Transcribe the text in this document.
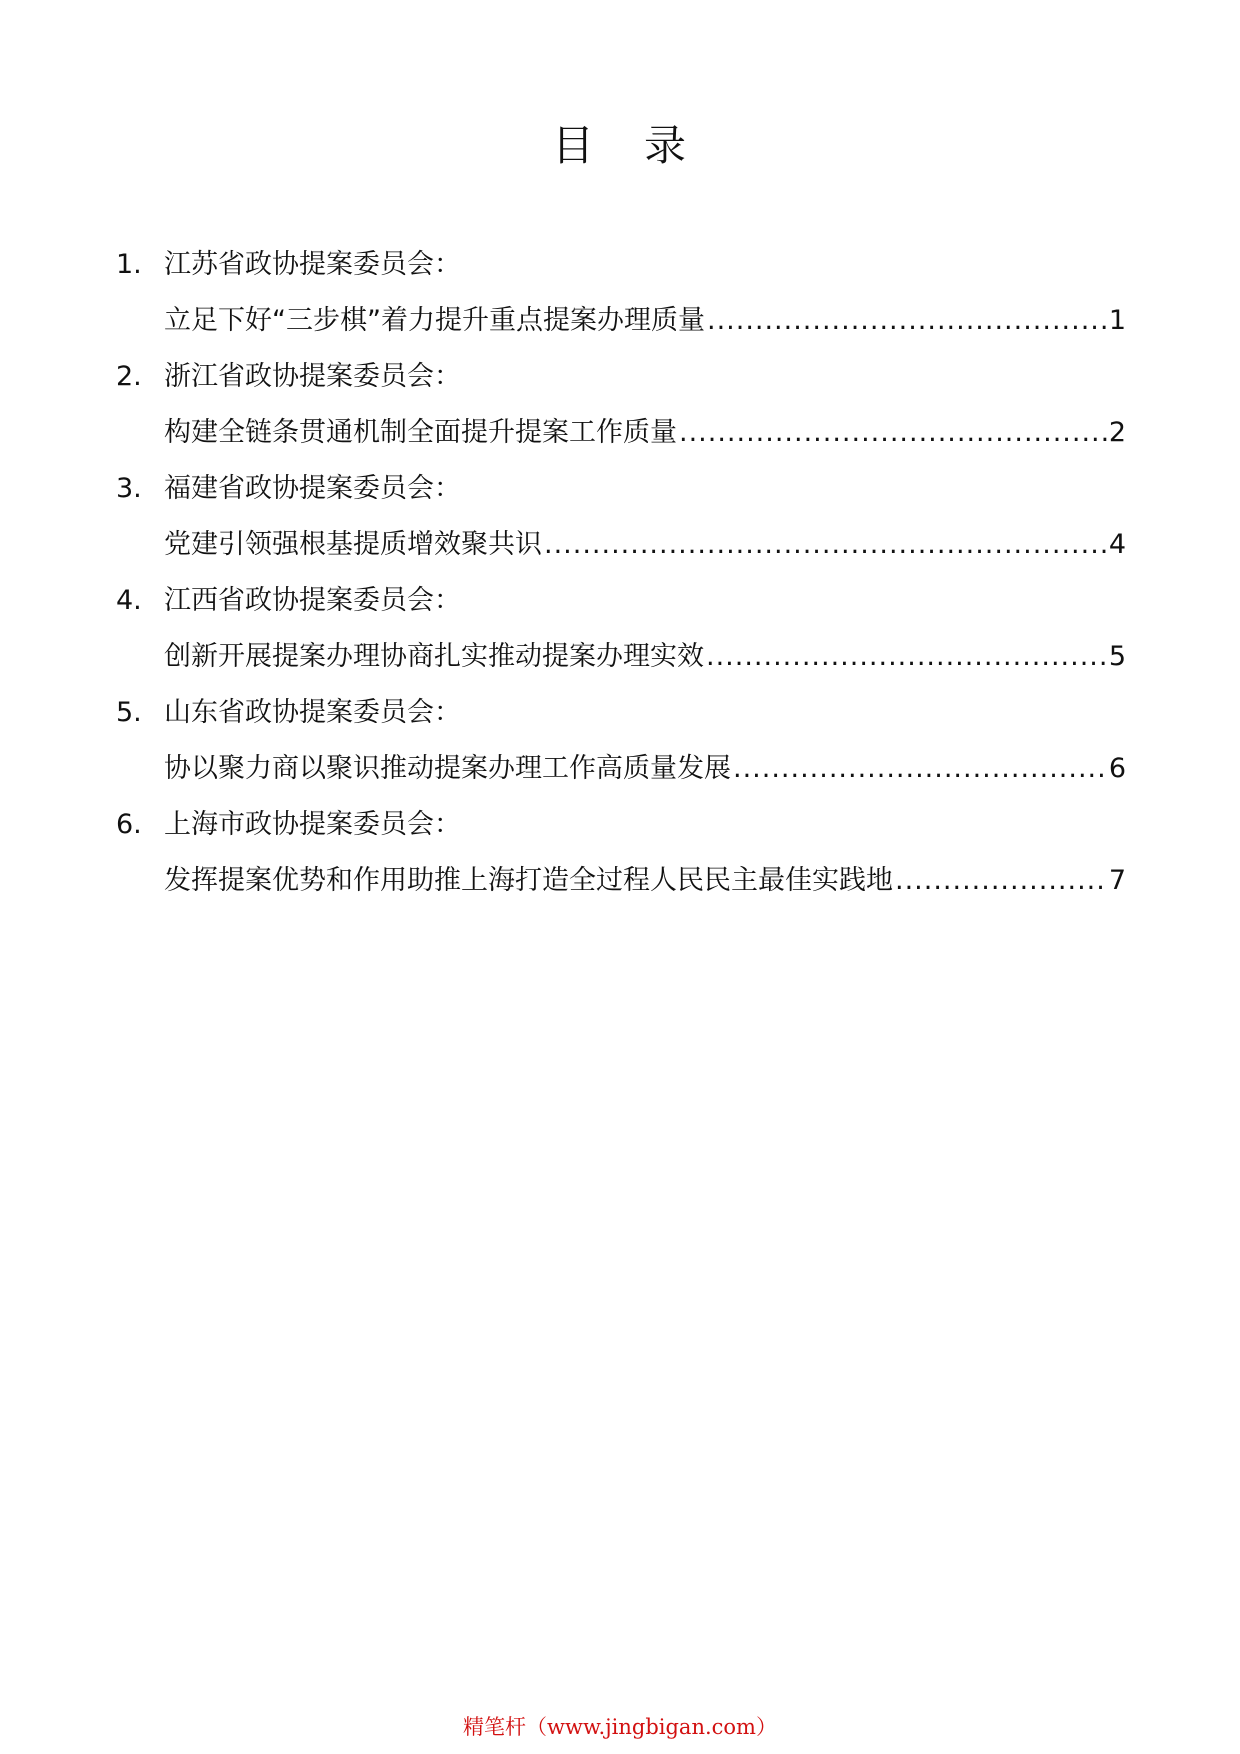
目 录
1. 江苏省政协提案委员会：
立足下好“三步棋”着力提升重点提案办理质量 .....	1
2. 浙江省政协提案委员会：
构建全链条贯通机制全面提升提案工作质量 .....	2
3. 福建省政协提案委员会：
党建引领强根基提质增效聚共识 .....	4
4. 江西省政协提案委员会：
创新开展提案办理协商扎实推动提案办理实效 .....	5
5. 山东省政协提案委员会：
协以聚力商以聚识推动提案办理工作高质量发展 .....	6
6. 上海市政协提案委员会：
发挥提案优势和作用助推上海打造全过程人民民主最佳实践地 .....	7
精笔杆（www.jingbigan.com）
